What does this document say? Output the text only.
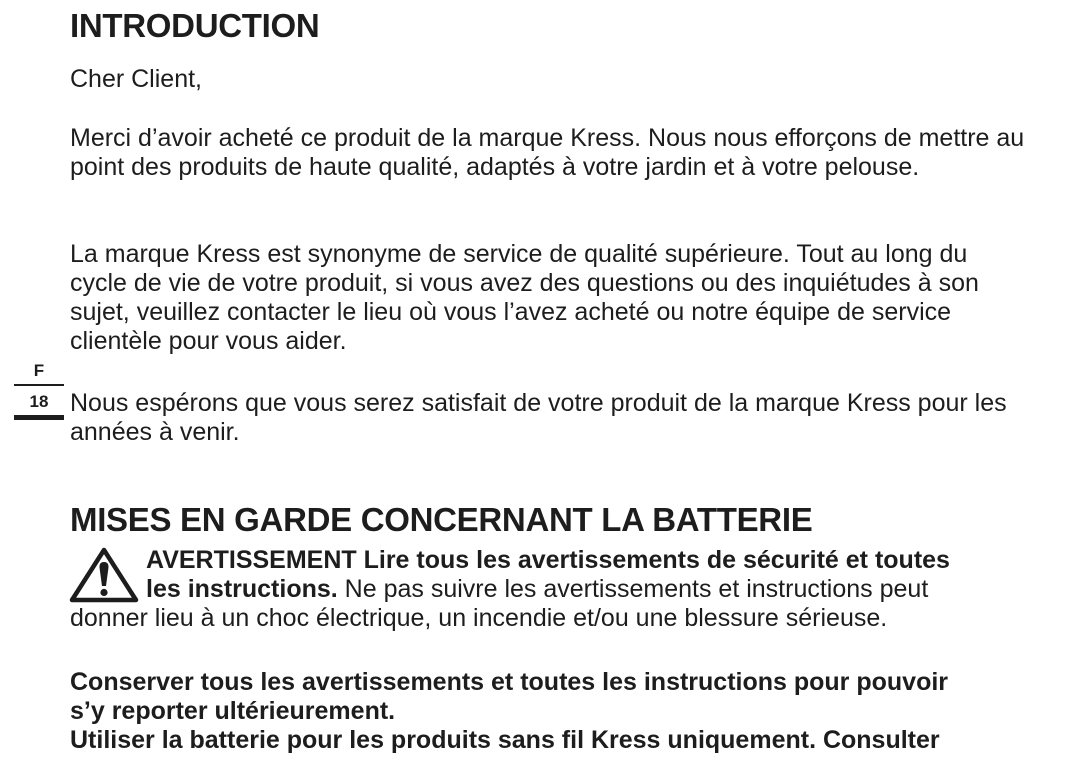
F
18
INTRODUCTION

Cher Client,

Merci d’avoir acheté ce produit de la marque Kress. Nous nous efforçons de mettre au point des produits de haute qualité, adaptés à votre jardin et à votre pelouse.

La marque Kress est synonyme de service de qualité supérieure. Tout au long du cycle de vie de votre produit, si vous avez des questions ou des inquiétudes à son sujet, veuillez contacter le lieu où vous l’avez acheté ou notre équipe de service clientèle pour vous aider.

Nous espérons que vous serez satisfait de votre produit de la marque Kress pour les années à venir.

MISES EN GARDE CONCERNANT LA BATTERIE
AVERTISSEMENT Lire tous les avertissements de sécurité et toutes
les instructions. Ne pas suivre les avertissements et instructions peut
donner lieu à un choc électrique, un incendie et/ou une blessure sérieuse.
Conserver tous les avertissements et toutes les instructions pour pouvoir
s’y reporter ultérieurement.
Utiliser la batterie pour les produits sans fil Kress uniquement. Consulter
